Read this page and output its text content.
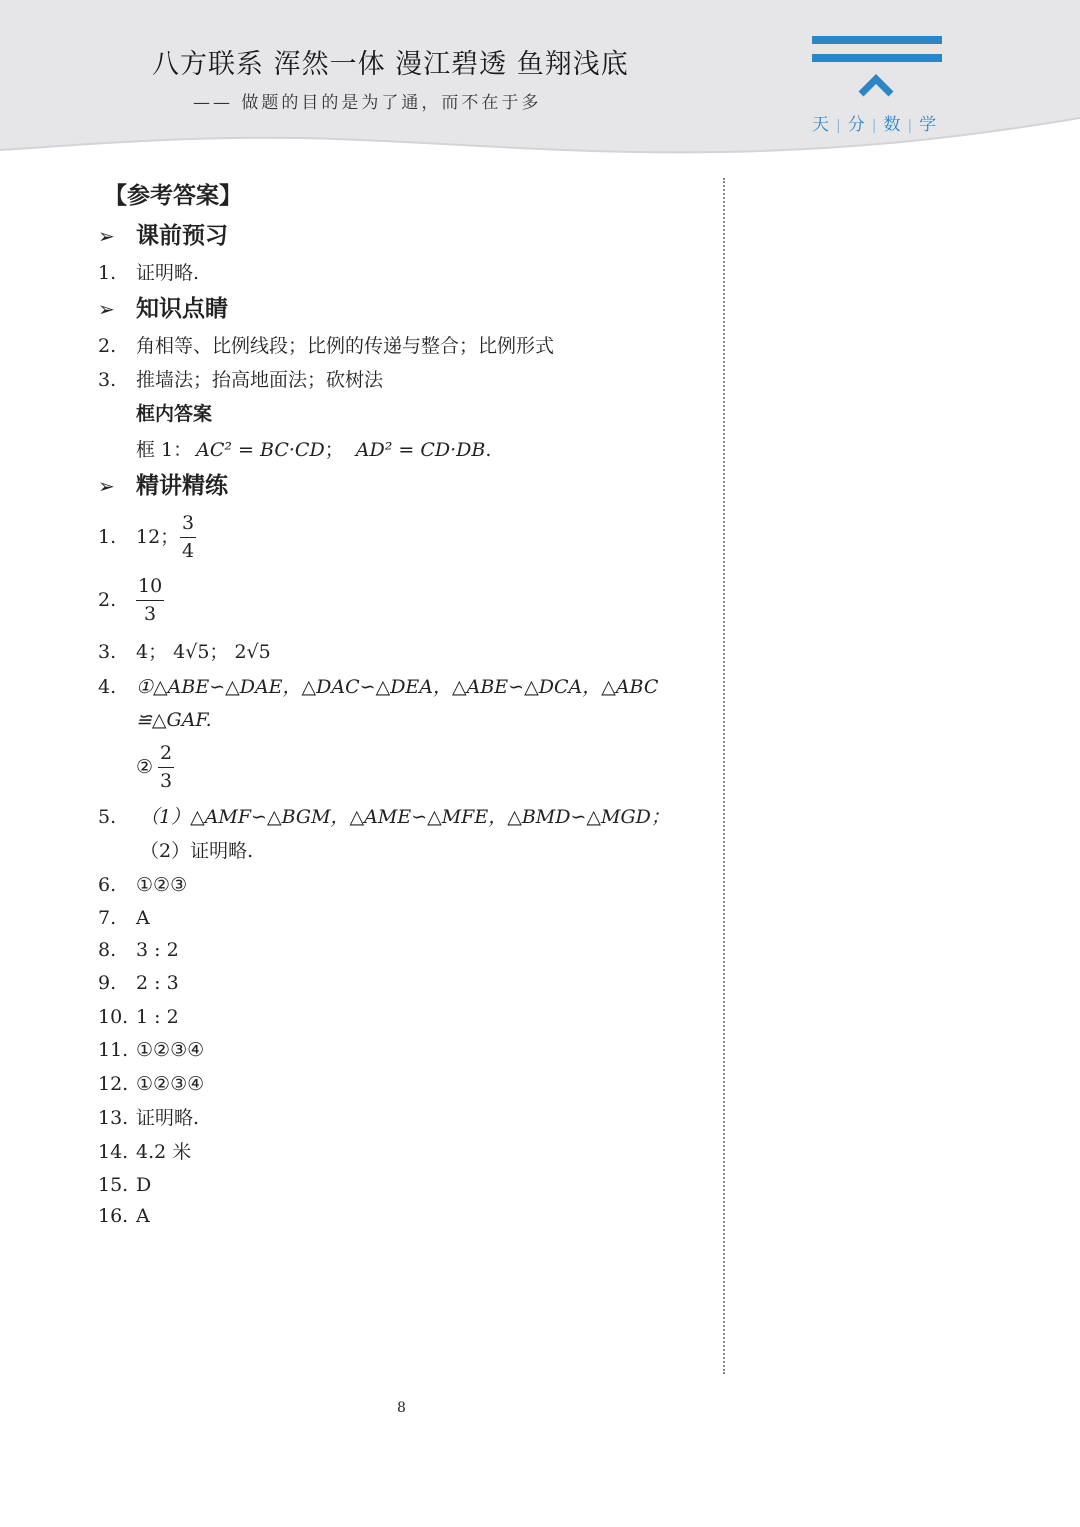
八方联系 浑然一体 漫江碧透 鱼翔浅底
—— 做题的目的是为了通，而不在于多
天 | 分 | 数 | 学
【参考答案】
➢ 课前预习
1. 证明略.
➢ 知识点睛
2. 角相等、比例线段；比例的传递与整合；比例形式
3. 推墙法；抬高地面法；砍树法
框内答案
框 1： AC² = BC·CD；  AD² = CD·DB.
➢ 精讲精练
1. 12；
3
4
2.
10
3
3. 4； 4√5； 2√5
4. ①△ABE∽△DAE，△DAC∽△DEA，△ABE∽△DCA，△ABC
≌△GAF.
②
2
3
5. （1）△AMF∽△BGM，△AME∽△MFE，△BMD∽△MGD；
（2）证明略.
6. ①②③
7. A
8. 3 : 2
9. 2 : 3
10. 1 : 2
11. ①②③④
12. ①②③④
13. 证明略.
14. 4.2 米
15. D
16. A
8
